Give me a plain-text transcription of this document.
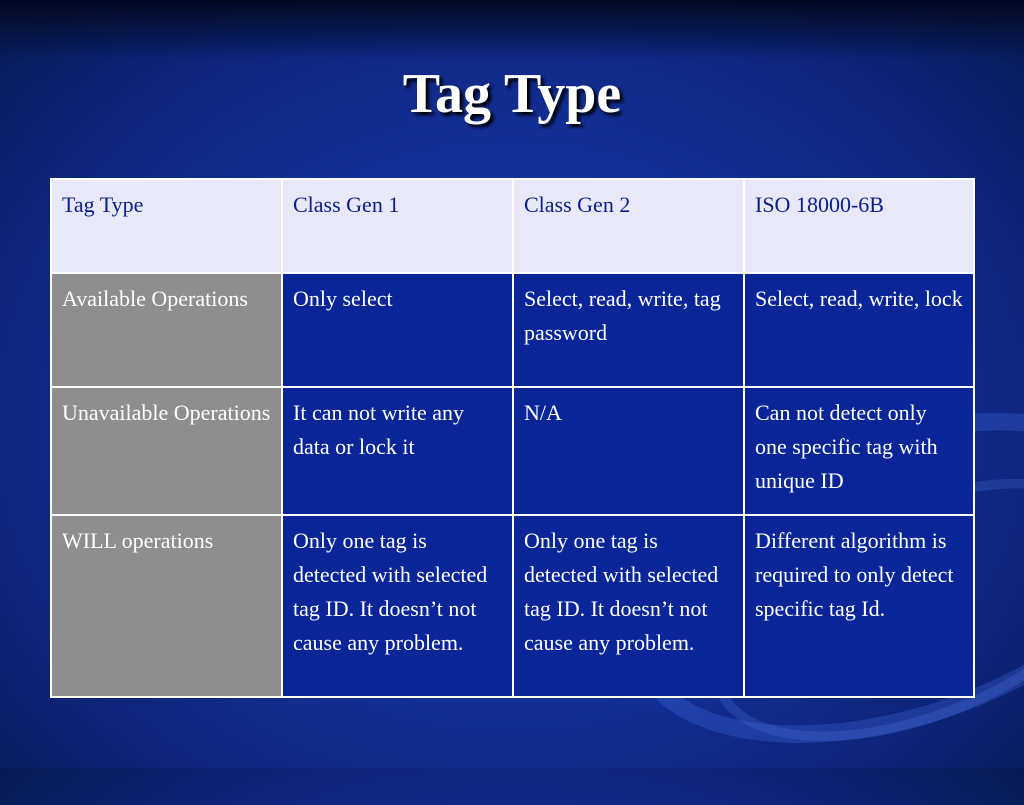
Tag Type
Tag Type	Class Gen 1	Class Gen 2	ISO 18000-6B
Available Operations	Only select	Select, read, write, tag password	Select, read, write, lock
Unavailable Operations	It can not write any data or lock it	N/A	Can not detect only one specific tag with unique ID
WILL operations	Only one tag is detected with selected tag ID. It doesn’t not cause any problem.	Only one tag is detected with selected tag ID. It doesn’t not cause any problem.	Different algorithm is required to only detect specific tag Id.
